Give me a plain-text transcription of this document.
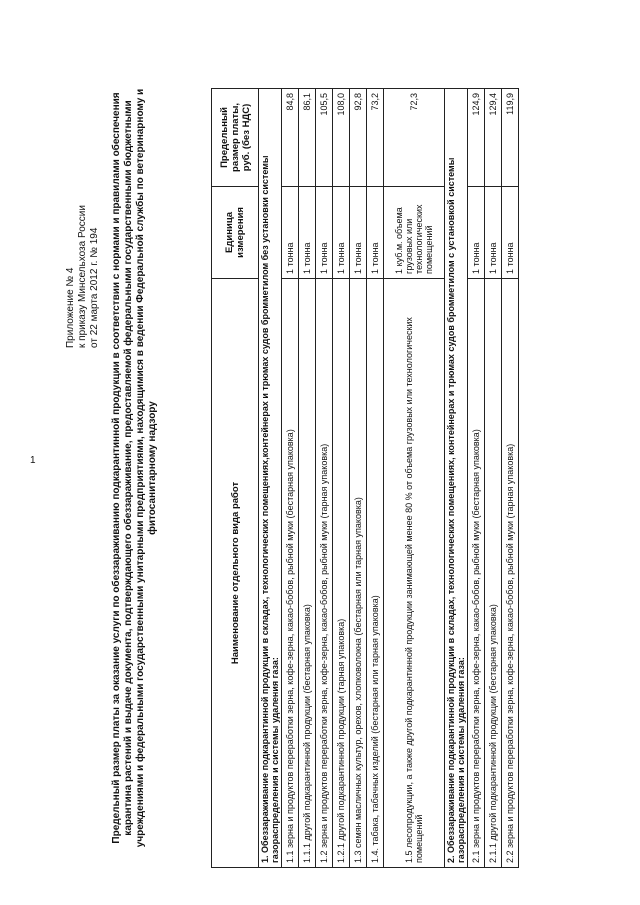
1
Приложение № 4 к приказу Минсельхоза России от 22 марта 2012 г. № 194 Предельный размер платы за оказание услуги по обеззараживанию подкарантинной продукции в соответствии с нормами и правилами обеспечения карантина растений и выдаче документа, подтверждающего обеззараживание, предоставляемой федеральными государственными бюджетными учреждениями и федеральными государственными унитарными предприятиями, находящимися в ведении Федеральной службы по ветеринарному и фитосанитарному надзору
Наименование отдельного вида работ	Единица измерения	Предельный размер платы, руб. (без НДС)
1. Обеззараживание подкарантинной продукции в складах, технологических помещениях,контейнерах и трюмах судов бромметилом без установки системы газораспределения и системы удаления газа:		
1.1 зерна и продуктов переработки зерна, кофе-зерна, какао-бобов, рыбной муки (бестарная упаковка)	1 тонна	84,8
1.1.1 другой подкарантинной продукции (бестарная упаковка)	1 тонна	86,1
1.2 зерна и продуктов переработки зерна, кофе-зерна, какао-бобов, рыбной муки (тарная упаковка)	1 тонна	105,5
1.2.1 другой подкарантинной продукции (тарная упаковка)	1 тонна	108,0
1.3 семян масличных культур, орехов, хлопковолокна (бестарная или тарная упаковка)	1 тонна	92,8
1.4. табака, табачных изделий (бестарная или тарная упаковка)	1 тонна	73,2
1.5 лесопродукции, а также другой подкарантинной продукции занимающей менее 80 % от объема грузовых или технологических помещений	1 куб.м. объема грузовых или технологических помещений	72,3
2. Обеззараживание подкарантинной продукции в складах, технологических помещениях, контейнерах и трюмах судов бромметилом с установкой системы газораспределения и системы удаления газа:		
2.1 зерна и продуктов переработки зерна, кофе-зерна, какао-бобов, рыбной муки (бестарная упаковка)	1 тонна	124,9
2.1.1 другой подкарантинной продукции (бестарная упаковка)	1 тонна	129,4
2.2 зерна и продуктов переработки зерна, кофе-зерна, какао-бобов, рыбной муки (тарная упаковка)	1 тонна	119,9
